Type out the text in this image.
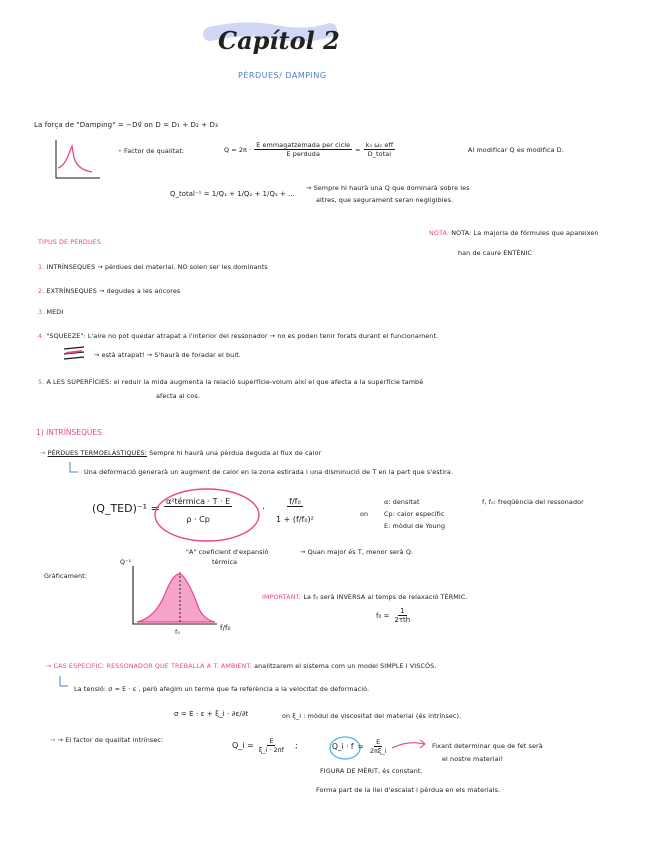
Capítol 2
PÈRDUES/ DAMPING
La força de "Damping" = −Dv⃗ on D = D₁ + D₂ + D₃
• Factor de qualitat:	$Q = 2\pi \cdot \frac{\text{E emmagatzemada per cicle}}{\text{E perduda}} = \frac{\text{k₀ ω₀ eff}}{\text{D\_total}}$	Al modificar Q es modifica D.
Q_total⁻¹ = 1/Q₁ + 1/Q₂ + 1/Q₃ + …
→ Sempre hi haurà una Q que dominarà sobre les
altres, que segurament seran negligibles.
NOTA: NOTA: La majoria de fórmules que apareixen
han de caure ENTÈNIC
TIPUS DE PÈRDUES
1. INTRÍNSEQUES → pèrdues del material. NO solen ser les dominants
2. EXTRÍNSEQUES → degudes a les ancores
3. MEDI
4. "SQUEEZE": L'aire no pot quedar atrapat a l'interior del ressonador → no es poden tenir forats durant el funcionament.
→ està atrapat! → S'haurà de foradar el buit.
5. A LES SUPERFÍCIES: el reduir la mida augmenta la relació superfície-volum així el que afecta a la superfície també
afecta al cos.
1) INTRÍNSEQUES
→ PÈRDUES TERMOELÀSTIQUES: Sempre hi haurà una pèrdua deguda al flux de calor
Una deformació generarà un augment de calor en la zona estirada i una disminució de T en la part que s'estira.
(Q_TED)⁻¹ = $\frac{\text{α²térmica · T · E}}{\rho \cdot Cp}$	· $\frac{\text{f/f₀}}{\text{1 + (f/f₀)²}}$	on
α: densitat
Cp: calor específic
E: mòdul de Young
f, f₀: freqüència del ressonador
"A" coeficient d'expansió
tèrmica
→ Quan major és T, menor serà Q.
Gràficament:
Q⁻¹
f₀	f/f₀
IMPORTANT: La f₀ serà INVERSA al temps de relaxació TÈRMIC.
$f_0 = \frac{1}{\text{2τth}}$
→ CAS ESPECÍFIC: RESSONADOR QUE TREBALLA A T. AMBIENT: analitzarem el sistema com un model SIMPLE i VISCÓS.
La tensió: σ = E · ε , però afegim un terme que fa referència a la velocitat de deformació.
σ = E · ε + ξ_i · ∂ε/∂t	on ξ_i : mòdul de viscositat del material (és intrínsec).
→ → El factor de qualitat intrínsec:
Q_i = $\frac{E}{\xi\_i \cdot 2\pi f}$ ;	Q_i · $f = \frac{E}{2\pi\xi\_i}$	Fixant determinar que de fet serà
el nostre material!
FIGURA DE MÈRIT, és constant.
Forma part de la llei d'escalat i pèrdua en els materials.
